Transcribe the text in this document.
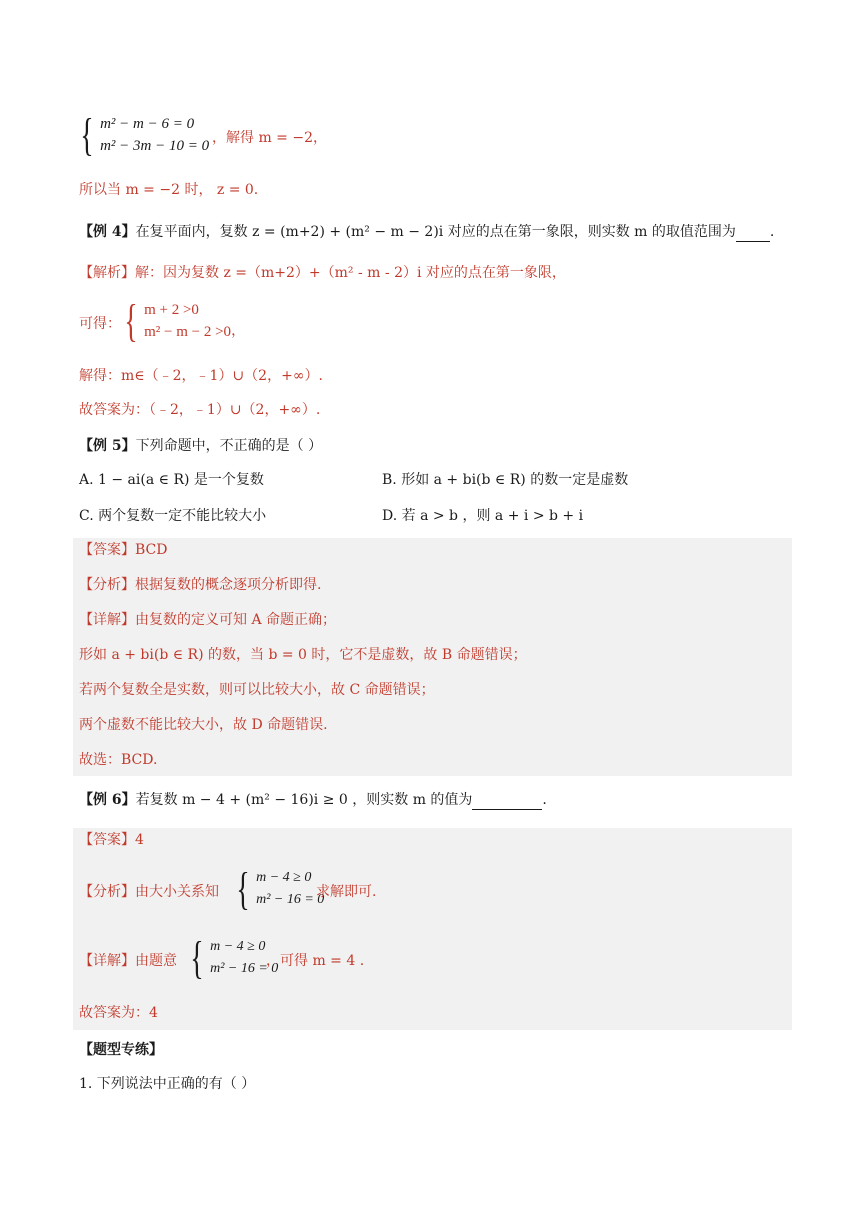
{ m² − m − 6 = 0
m² − 3m − 10 = 0 ，解得 m = −2，
所以当 m = −2 时， z = 0.
【例 4】在复平面内，复数 z = (m+2) + (m² − m − 2)i 对应的点在第一象限，则实数 m 的取值范围为 .
【解析】解：因为复数 z =（m+2）+（m² - m - 2）i 对应的点在第一象限，
可得： { m + 2 >0
m² − m − 2 >0 ，
解得：m∈（﹣2，﹣1）∪（2，+∞）.
故答案为：（﹣2，﹣1）∪（2，+∞）.
【例 5】下列命题中，不正确的是（ ）
A. 1 − ai(a ∈ R) 是一个复数	B. 形如 a + bi(b ∈ R) 的数一定是虚数
C. 两个复数一定不能比较大小	D. 若 a > b ，则 a + i > b + i
【答案】BCD
【分析】根据复数的概念逐项分析即得.
【详解】由复数的定义可知 A 命题正确；
形如 a + bi(b ∈ R) 的数，当 b = 0 时，它不是虚数，故 B 命题错误；
若两个复数全是实数，则可以比较大小，故 C 命题错误；
两个虚数不能比较大小，故 D 命题错误.
故选：BCD.
【例 6】若复数 m − 4 + (m² − 16)i ≥ 0 ，则实数 m 的值为	.
【答案】4
【分析】由大小关系知 { m − 4 ≥ 0
m² − 16 = 0
求解即可.
【详解】由题意 { m − 4 ≥ 0
m² − 16 = 0
，可得 m = 4 .
故答案为：4
【题型专练】
1. 下列说法中正确的有（ ）
